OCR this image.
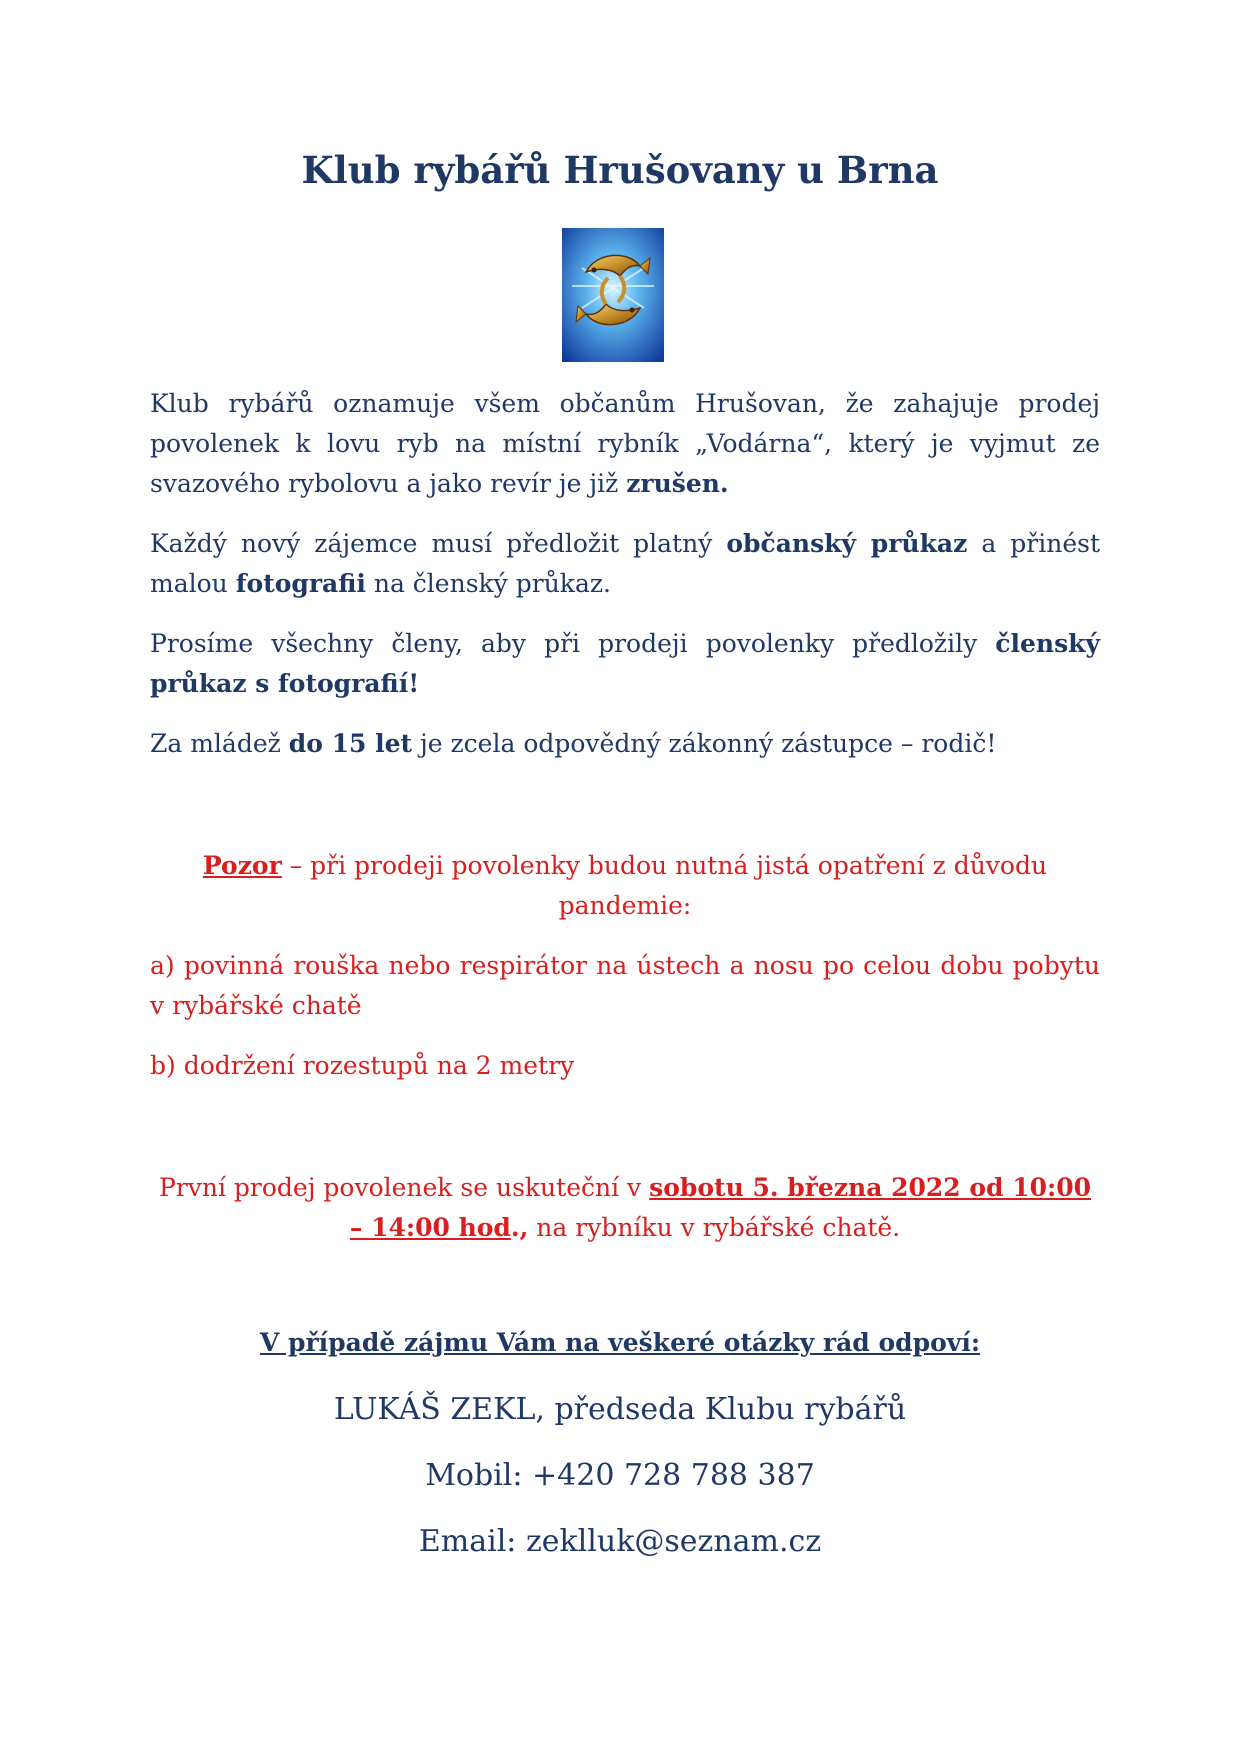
Klub rybářů Hrušovany u Brna

Klub rybářů oznamuje všem občanům Hrušovan, že zahajuje prodej povolenek k lovu ryb na místní rybník „Vodárna“, který je vyjmut ze svazového rybolovu a jako revír je již zrušen.

Každý nový zájemce musí předložit platný občanský průkaz a přinést malou fotografii na členský průkaz.

Prosíme všechny členy, aby při prodeji povolenky předložily členský průkaz s fotografií!

Za mládež do 15 let je zcela odpovědný zákonný zástupce – rodič!

Pozor – při prodeji povolenky budou nutná jistá opatření z důvodu pandemie:

a) povinná rouška nebo respirátor na ústech a nosu po celou dobu pobytu v rybářské chatě

b) dodržení rozestupů na 2 metry

První prodej povolenek se uskuteční v sobotu 5. března 2022 od 10:00 – 14:00 hod., na rybníku v rybářské chatě.

V případě zájmu Vám na veškeré otázky rád odpoví:

LUKÁŠ ZEKL, předseda Klubu rybářů

Mobil: +420 728 788 387

Email: zeklluk@seznam.cz
